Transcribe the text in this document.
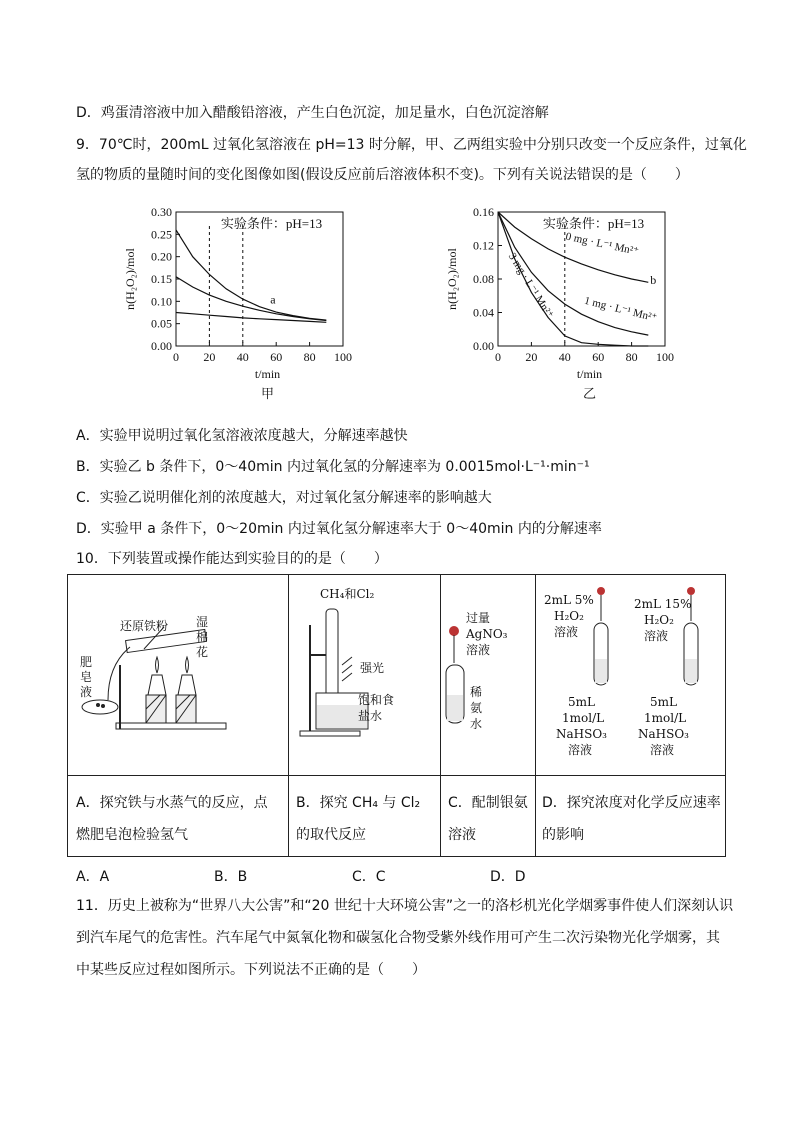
D．鸡蛋清溶液中加入醋酸铅溶液，产生白色沉淀，加足量水，白色沉淀溶解
9．70℃时，200mL 过氧化氢溶液在 pH=13 时分解，甲、乙两组实验中分别只改变一个反应条件，过氧化
氢的物质的量随时间的变化图像如图(假设反应前后溶液体积不变)。下列有关说法错误的是（　　）
0 20 40 60 80 100
0.00
0.05
0.10
0.15
0.20
0.25
0.30
实验条件：pH=13
n(H₂O₂)/mol
t/min
甲
a
0 20 40 60 80 100
0.00
0.04
0.08
0.12
0.16
实验条件：pH=13
n(H₂O₂)/mol
t/min
乙
b
0 mg · L⁻¹ Mn²⁺
1 mg · L⁻¹ Mn²⁺
3 mg · L⁻¹ Mn²⁺
A．实验甲说明过氧化氢溶液浓度越大，分解速率越快
B．实验乙 b 条件下，0～40min 内过氧化氢的分解速率为 0.0015mol·L⁻¹·min⁻¹
C．实验乙说明催化剂的浓度越大，对过氧化氢分解速率的影响越大
D．实验甲 a 条件下，0～20min 内过氧化氢分解速率大于 0～40min 内的分解速率
10．下列装置或操作能达到实验目的的是（　　）
还原铁粉 湿
棉
花
肥
皂
液
CH₄和Cl₂
强光
饱和食
盐水
过量
AgNO₃
溶液
稀
氨
水
2mL 5%
H₂O₂
溶液
2mL 15%
H₂O₂
溶液
5mL
1mol/L
NaHSO₃
溶液
5mL
1mol/L
NaHSO₃
溶液
A．探究铁与水蒸气的反应，点燃肥皂泡检验氢气
B．探究 CH₄ 与 Cl₂ 的取代反应
C．配制银氨溶液
D．探究浓度对化学反应速率的影响
A．A	B．B	C．C	D．D
11．历史上被称为“世界八大公害”和“20 世纪十大环境公害”之一的洛杉机光化学烟雾事件使人们深刻认识
到汽车尾气的危害性。汽车尾气中氮氧化物和碳氢化合物受紫外线作用可产生二次污染物光化学烟雾，其
中某些反应过程如图所示。下列说法不正确的是（　　）
